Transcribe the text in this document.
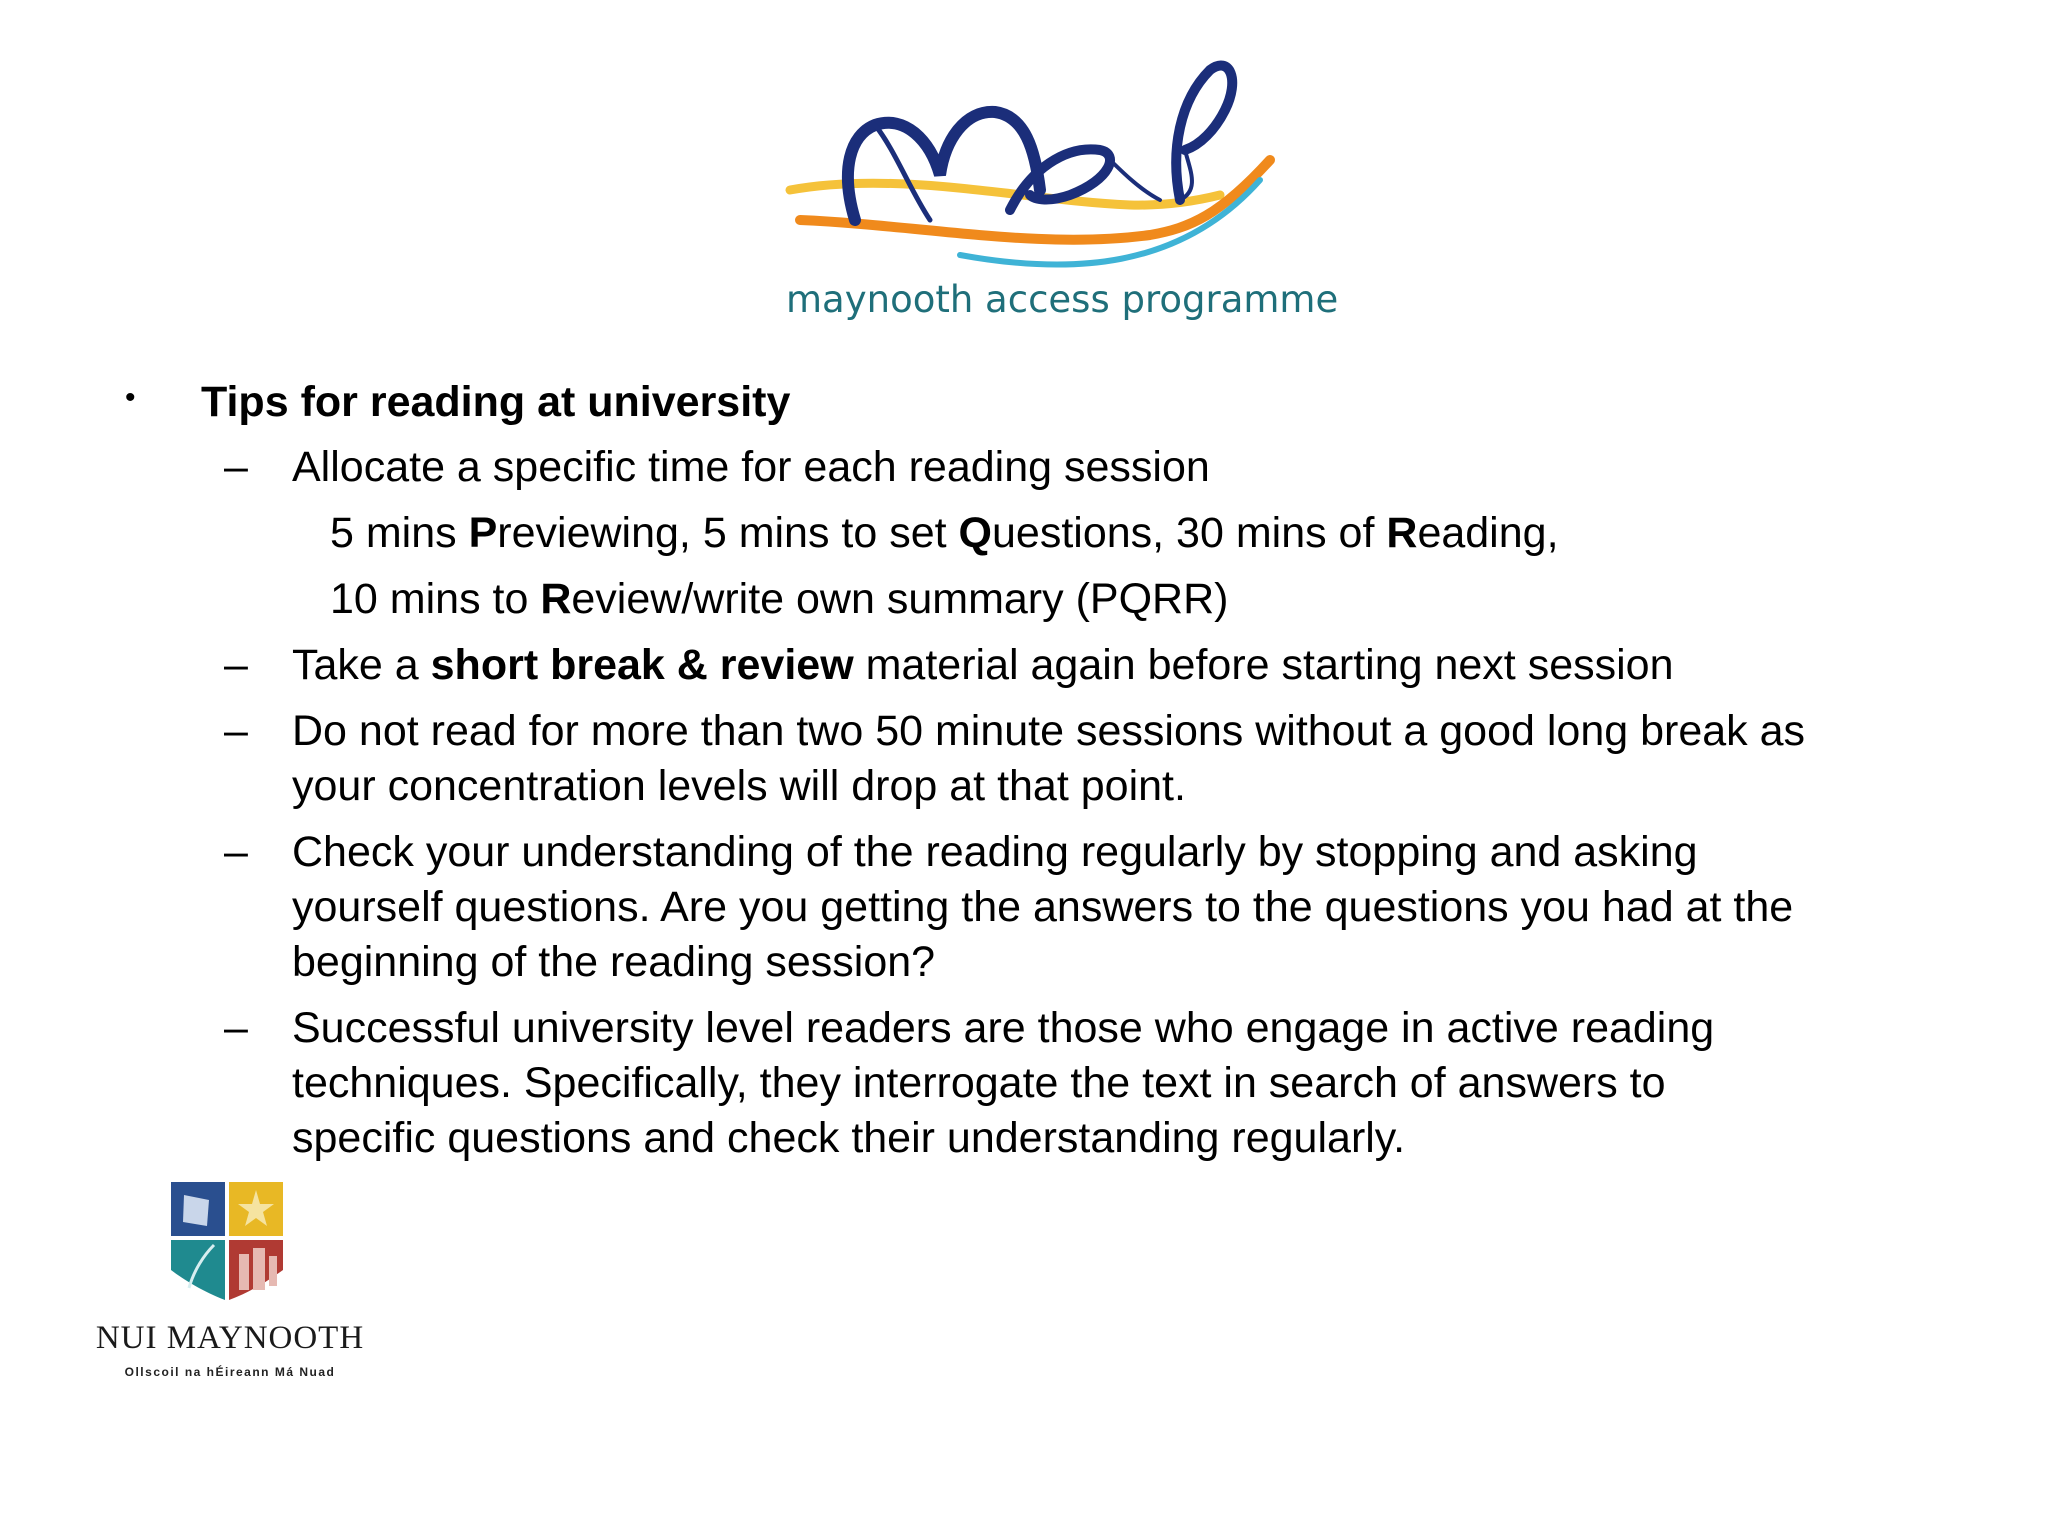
maynooth access programme
• Tips for reading at university
– Allocate a specific time for each reading session
5 mins Previewing, 5 mins to set Questions, 30 mins of Reading,
10 mins to Review/write own summary (PQRR)
– Take a short break & review material again before starting next session
– Do not read for more than two 50 minute sessions without a good long break as
your concentration levels will drop at that point.
– Check your understanding of the reading regularly by stopping and asking
yourself questions. Are you getting the answers to the questions you had at the
beginning of the reading session?
– Successful university level readers are those who engage in active reading
techniques. Specifically, they interrogate the text in search of answers to
specific questions and check their understanding regularly.
NUI MAYNOOTH
Ollscoil na hÉireann Má Nuad
